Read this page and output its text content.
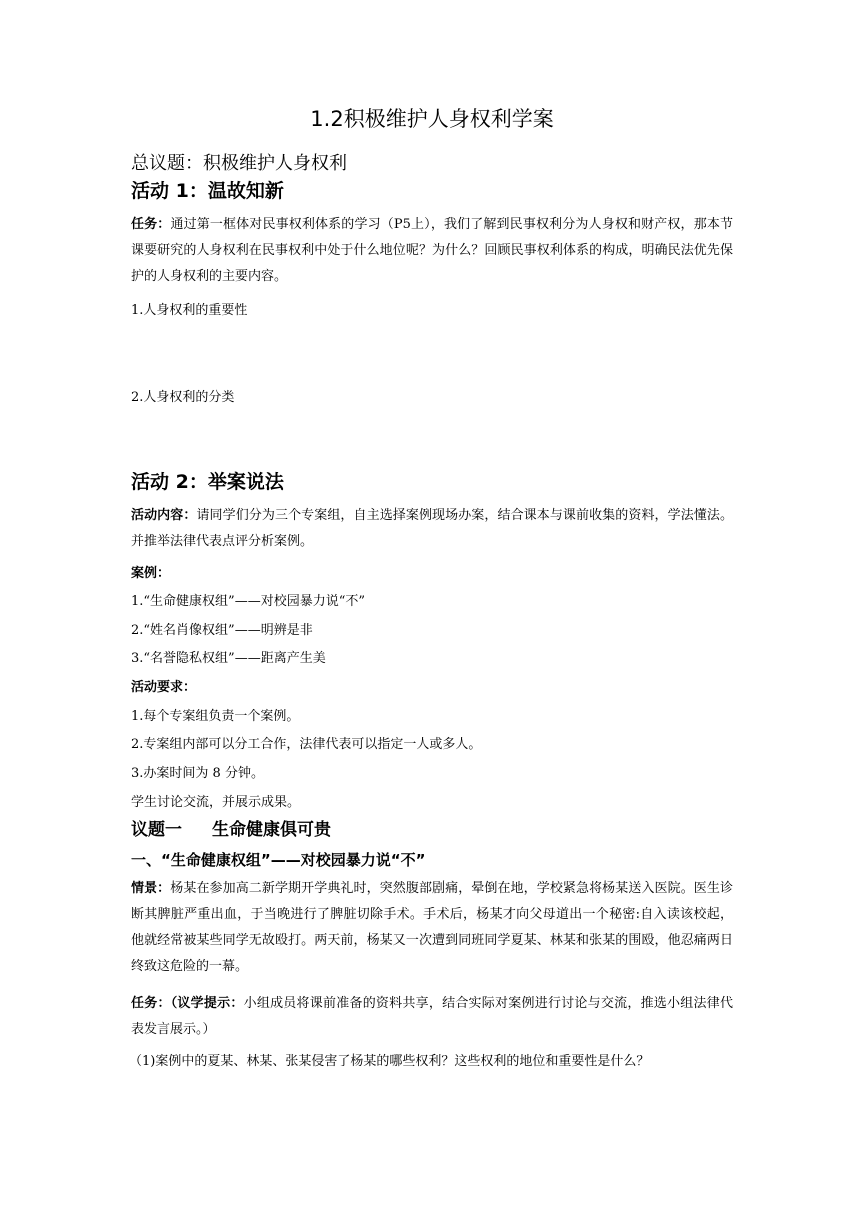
1.2积极维护人身权利学案
总议题：积极维护人身权利
活动 1：温故知新
任务：通过第一框体对民事权利体系的学习（P5上），我们了解到民事权利分为人身权和财产权，那本节课要研究的人身权利在民事权利中处于什么地位呢？为什么？回顾民事权利体系的构成，明确民法优先保护的人身权利的主要内容。
1.人身权利的重要性
2.人身权利的分类
活动 2：举案说法
活动内容：请同学们分为三个专案组，自主选择案例现场办案，结合课本与课前收集的资料，学法懂法。并推举法律代表点评分析案例。
案例：
1.“生命健康权组”——对校园暴力说“不”
2.“姓名肖像权组”——明辨是非
3.“名誉隐私权组”——距离产生美
活动要求：
1.每个专案组负责一个案例。
2.专案组内部可以分工合作，法律代表可以指定一人或多人。
3.办案时间为 8 分钟。
学生讨论交流，并展示成果。
议题一 生命健康俱可贵
一、“生命健康权组”——对校园暴力说“不”
情景：杨某在参加高二新学期开学典礼时，突然腹部剧痛，晕倒在地，学校紧急将杨某送入医院。医生诊断其脾脏严重出血，于当晚进行了脾脏切除手术。手术后，杨某才向父母道出一个秘密:自入读该校起，他就经常被某些同学无故殴打。两天前，杨某又一次遭到同班同学夏某、林某和张某的围殴，他忍痛两日终致这危险的一幕。
任务：（议学提示：小组成员将课前准备的资料共享，结合实际对案例进行讨论与交流，推选小组法律代表发言展示。）
（1)案例中的夏某、林某、张某侵害了杨某的哪些权利？这些权利的地位和重要性是什么？
